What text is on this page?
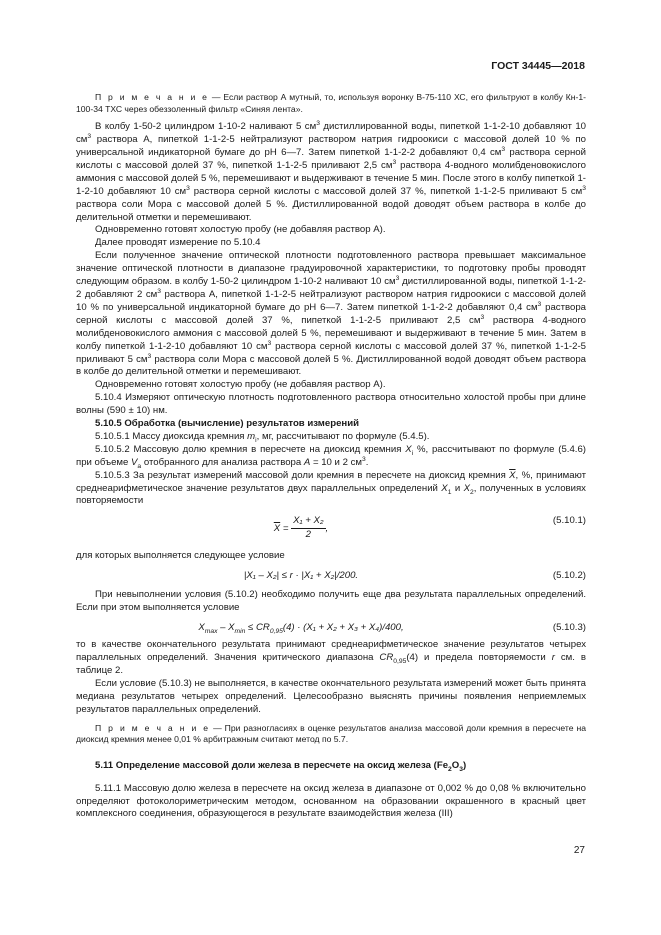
ГОСТ 34445—2018

П р и м е ч а н и е — Если раствор А мутный, то, используя воронку В-75-110 ХС, его фильтруют в колбу Кн-1-100-34 ТХС через обеззоленный фильтр «Синяя лента».

В колбу 1-50-2 цилиндром 1-10-2 наливают 5 $см^3$ дистиллированной воды, пипеткой 1-1-2-10 добавляют 10 $см^3$ раствора А, пипеткой 1-1-2-5 нейтрализуют раствором натрия гидроокиси с массовой долей 10 % по универсальной индикаторной бумаге до рН 6—7. Затем пипеткой 1-1-2-2 добавляют 0,4 $см^3$ раствора серной кислоты с массовой долей 37 %, пипеткой 1-1-2-5 приливают 2,5 $см^3$ раствора 4-водного молибденовокислого аммония с массовой долей 5 %, перемешивают и выдерживают в течение 5 мин. После этого в колбу пипеткой 1-1-2-10 добавляют 10 $см^3$ раствора серной кислоты с массовой долей 37 %, пипеткой 1-1-2-5 приливают 5 $см^3$ раствора соли Мора с массовой долей 5 %. Дистиллированной водой доводят объем раствора в колбе до делительной отметки и перемешивают.

Одновременно готовят холостую пробу (не добавляя раствор А).

Далее проводят измерение по 5.10.4

Если полученное значение оптической плотности подготовленного раствора превышает максимальное значение оптической плотности в диапазоне градуировочной характеристики, то подготовку пробы проводят следующим образом. в колбу 1-50-2 цилиндром 1-10-2 наливают 10 $см^3$ дистиллированной воды, пипеткой 1-1-2-2 добавляют 2 $см^3$ раствора А, пипеткой 1-1-2-5 нейтрализуют раствором натрия гидроокиси с массовой долей 10 % по универсальной индикаторной бумаге до рН 6—7. Затем пипеткой 1-1-2-2 добавляют 0,4 $см^3$ раствора серной кислоты с массовой долей 37 %, пипеткой 1-1-2-5 приливают 2,5 $см^3$ раствора 4-водного молибденовокислого аммония с массовой долей 5 %, перемешивают и выдерживают в течение 5 мин. Затем в колбу пипеткой 1-1-2-10 добавляют 10 $см^3$ раствора серной кислоты с массовой долей 37 %, пипеткой 1-1-2-5 приливают 5 $см^3$ раствора соли Мора с массовой долей 5 %. Дистиллированной водой доводят объем раствора в колбе до делительной отметки и перемешивают.

Одновременно готовят холостую пробу (не добавляя раствор А).

5.10.4 Измеряют оптическую плотность подготовленного раствора относительно холостой пробы при длине волны (590 ± 10) нм.

5.10.5 Обработка (вычисление) результатов измерений

5.10.5.1 Массу диоксида кремния $m_i$, мг, рассчитывают по формуле (5.4.5).

5.10.5.2 Массовую долю кремния в пересчете на диоксид кремния $X_i$ %, рассчитывают по формуле (5.4.6) при объеме $V_a$ отобранного для анализа раствора A = 10 и 2 $см^3$.

5.10.5.3 За результат измерений массовой доли кремния в пересчете на диоксид кремния $\overline{X}$, %, принимают среднеарифметическое значение результатов двух параллельных определений $X_1$ и $X_2$, полученных в условиях повторяемости

$\overline{X} = \frac{\text{X₁ + X₂}}{2}$ ,
(5.10.1)

для которых выполняется следующее условие

|X₁ – X₂| ≤ r · |X₁ + X₂|/200.	(5.10.2)

При невыполнении условия (5.10.2) необходимо получить еще два результата параллельных определений. Если при этом выполняется условие

$X_{max} - X_{min} \le CR_{0,95}(4) \cdot (X_1 + X_2 + X_3 + X_4)/400$,	(5.10.3)

то в качестве окончательного результата принимают среднеарифметическое значение результатов четырех параллельных определений. Значения критического диапазона $CR_{0,95}(4)$ и предела повторяемости r см. в таблице 2.

Если условие (5.10.3) не выполняется, в качестве окончательного результата измерений может быть принята медиана результатов четырех определений. Целесообразно выяснять причины появления неприемлемых результатов параллельных определений.

П р и м е ч а н и е — При разногласиях в оценке результатов анализа массовой доли кремния в пересчете на диоксид кремния менее 0,01 % арбитражным считают метод по 5.7.

5.11 Определение массовой доли железа в пересчете на оксид железа $(Fe_2O_3)$

5.11.1 Массовую долю железа в пересчете на оксид железа в диапазоне от 0,002 % до 0,08 % включительно определяют фотоколориметрическим методом, основанном на образовании окрашенного в красный цвет комплексного соединения, образующегося в результате взаимодействия железа (III)

27
